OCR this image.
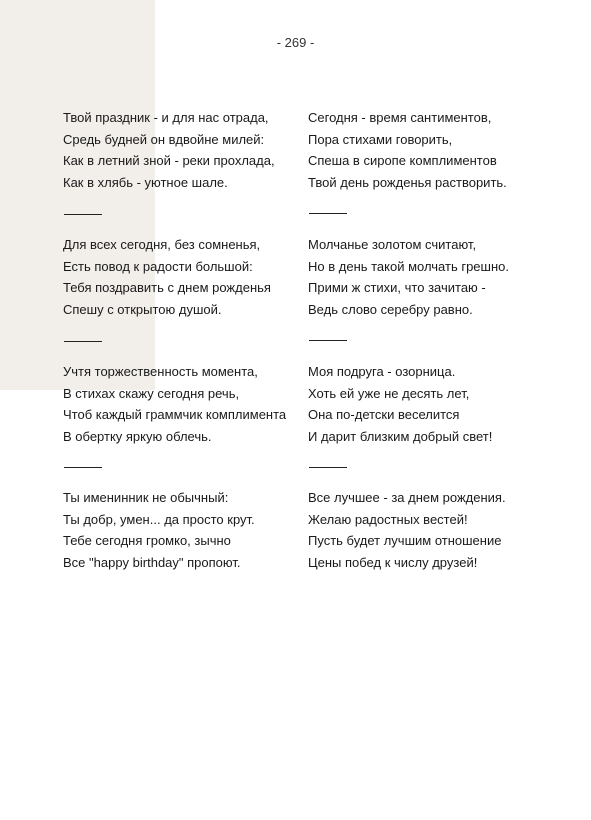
- 269 -

Твой праздник - и для нас отрада,

Средь будней он вдвойне милей:

Как в летний зной - реки прохлада,

Как в хлябь - уютное шале.

Для всех сегодня, без сомненья,

Есть повод к радости большой:

Тебя поздравить с днем рожденья

Спешу с открытою душой.

Учтя торжественность момента,

В стихах скажу сегодня речь,

Чтоб каждый граммчик комплимента

В обертку яркую облечь.

Ты именинник не обычный:

Ты добр, умен... да просто крут.

Тебе сегодня громко, зычно

Все "happy birthday" пропоют.

Сегодня - время сантиментов,

Пора стихами говорить,

Спеша в сиропе комплиментов

Твой день рожденья растворить.

Молчанье золотом считают,

Но в день такой молчать грешно.

Прими ж стихи, что зачитаю -

Ведь слово серебру равно.

Моя подруга - озорница.

Хоть ей уже не десять лет,

Она по-детски веселится

И дарит близким добрый свет!

Все лучшее - за днем рождения.

Желаю радостных вестей!

Пусть будет лучшим отношение

Цены побед к числу друзей!
